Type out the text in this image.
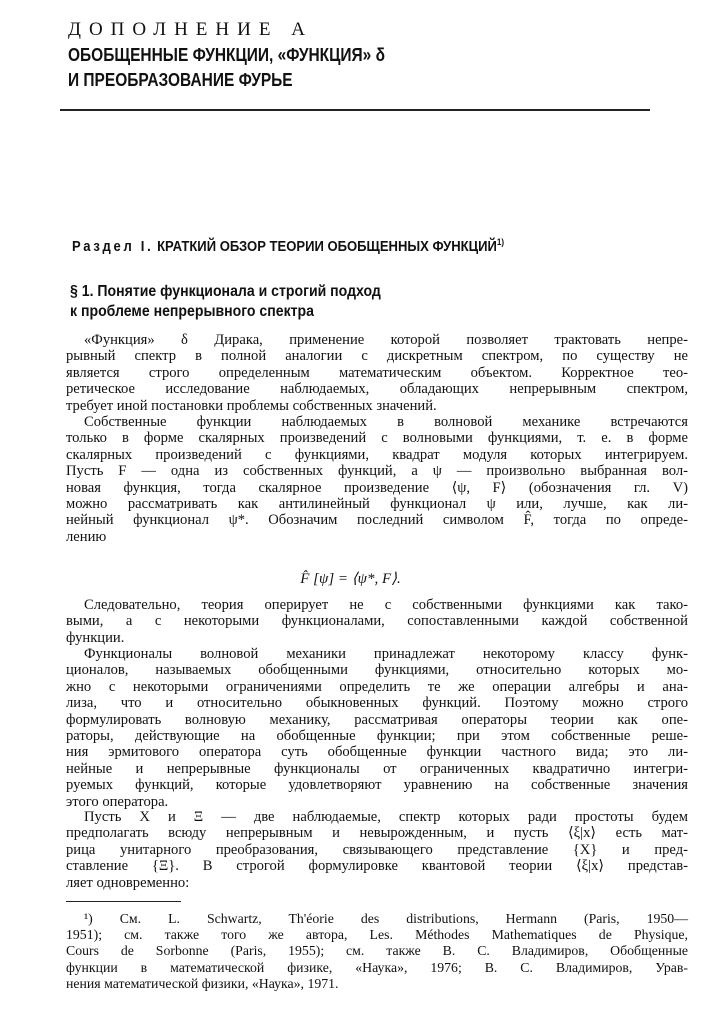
ДОПОЛНЕНИЕ А
ОБОБЩЕННЫЕ ФУНКЦИИ, «ФУНКЦИЯ» δ
И ПРЕОБРАЗОВАНИЕ ФУРЬЕ
Раздел I. КРАТКИЙ ОБЗОР ТЕОРИИ ОБОБЩЕННЫХ ФУНКЦИЙ$^{1)}$
§ 1. Понятие функционала и строгий подход
к проблеме непрерывного спектра
«Функция» δ Дирака, применение которой позволяет трактовать непре-
рывный спектр в полной аналогии с дискретным спектром, по существу не
является строго определенным математическим объектом. Корректное тео-
ретическое исследование наблюдаемых, обладающих непрерывным спектром,
требует иной постановки проблемы собственных значений.
Собственные функции наблюдаемых в волновой механике встречаются
только в форме скалярных произведений с волновыми функциями, т. е. в форме
скалярных произведений с функциями, квадрат модуля которых интегрируем.
Пусть F — одна из собственных функций, а ψ — произвольно выбранная вол-
новая функция, тогда скалярное произведение ⟨ψ, F⟩ (обозначения гл. V)
можно рассматривать как антилинейный функционал ψ или, лучше, как ли-
нейный функционал ψ*. Обозначим последний символом F̂, тогда по опреде-
лению
Следовательно, теория оперирует не с собственными функциями как тако-
выми, а с некоторыми функционалами, сопоставленными каждой собственной
функции.
Функционалы волновой механики принадлежат некоторому классу функ-
ционалов, называемых обобщенными функциями, относительно которых мо-
жно с некоторыми ограничениями определить те же операции алгебры и ана-
лиза, что и относительно обыкновенных функций. Поэтому можно строго
формулировать волновую механику, рассматривая операторы теории как опе-
раторы, действующие на обобщенные функции; при этом собственные реше-
ния эрмитового оператора суть обобщенные функции частного вида; это ли-
нейные и непрерывные функционалы от ограниченных квадратично интегри-
руемых функций, которые удовлетворяют уравнению на собственные значения
этого оператора.
Пусть X и Ξ — две наблюдаемые, спектр которых ради простоты будем
предполагать всюду непрерывным и невырожденным, и пусть ⟨ξ|x⟩ есть мат-
рица унитарного преобразования, связывающего представление {X} и пред-
ставление {Ξ}. В строгой формулировке квантовой теории ⟨ξ|x⟩ представ-
ляет одновременно:
F̂ [ψ] = ⟨ψ*, F⟩.
¹) См. L. Schwartz, Th'éorie des distributions, Hermann (Paris, 1950—
1951); см. также того же автора, Les. Méthodes Mathematiques de Physique,
Cours de Sorbonne (Paris, 1955); см. также В. С. Владимиров, Обобщенные
функции в математической физике, «Наука», 1976; В. С. Владимиров, Урав-
нения математической физики, «Наука», 1971.
